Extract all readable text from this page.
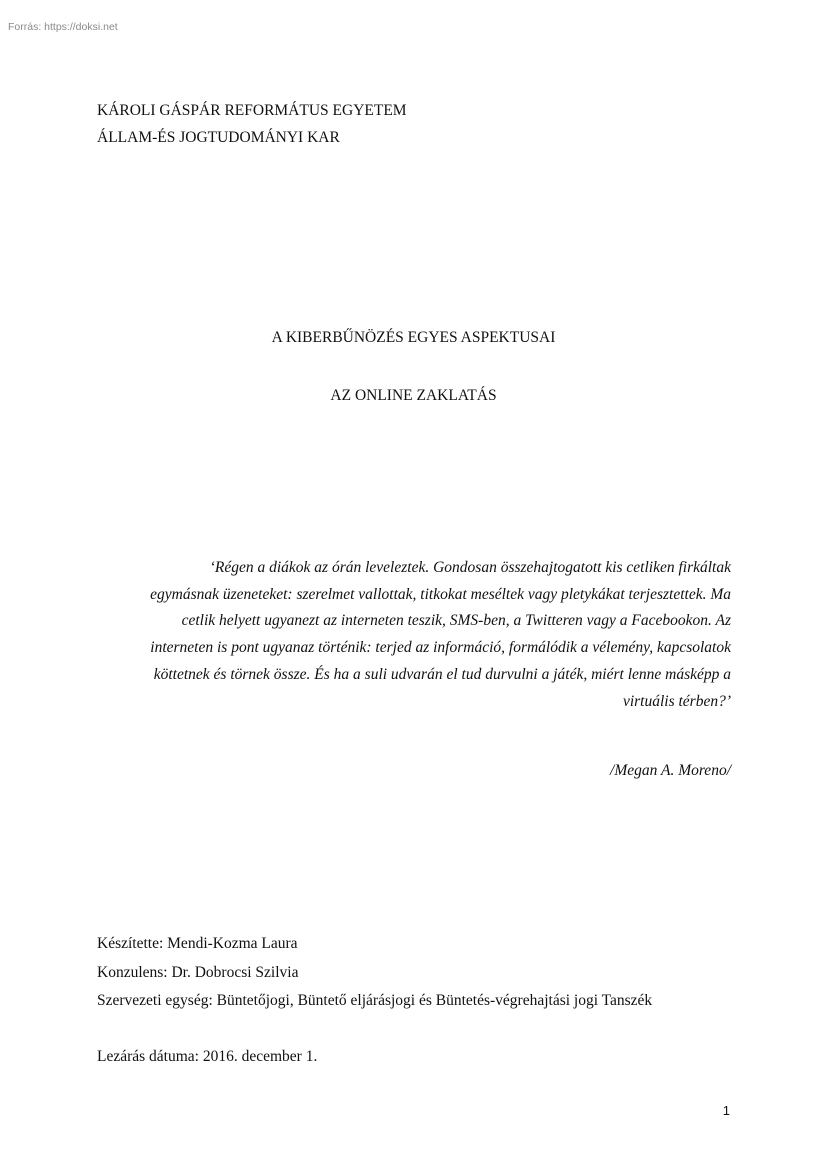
Forrás: https://doksi.net
KÁROLI GÁSPÁR REFORMÁTUS EGYETEM
ÁLLAM-ÉS JOGTUDOMÁNYI KAR
A KIBERBŰNÖZÉS EGYES ASPEKTUSAI
AZ ONLINE ZAKLATÁS
‘Régen a diákok az órán leveleztek. Gondosan összehajtogatott kis cetliken firkáltak
egymásnak üzeneteket: szerelmet vallottak, titkokat meséltek vagy pletykákat terjesztettek. Ma
cetlik helyett ugyanezt az interneten teszik, SMS-ben, a Twitteren vagy a Facebookon. Az
interneten is pont ugyanaz történik: terjed az információ, formálódik a vélemény, kapcsolatok
köttetnek és törnek össze. És ha a suli udvarán el tud durvulni a játék, miért lenne másképp a
virtuális térben?’
/Megan A. Moreno/
Készítette: Mendi-Kozma Laura
Konzulens: Dr. Dobrocsi Szilvia
Szervezeti egység: Büntetőjogi, Büntető eljárásjogi és Büntetés-végrehajtási jogi Tanszék
Lezárás dátuma: 2016. december 1.
1
